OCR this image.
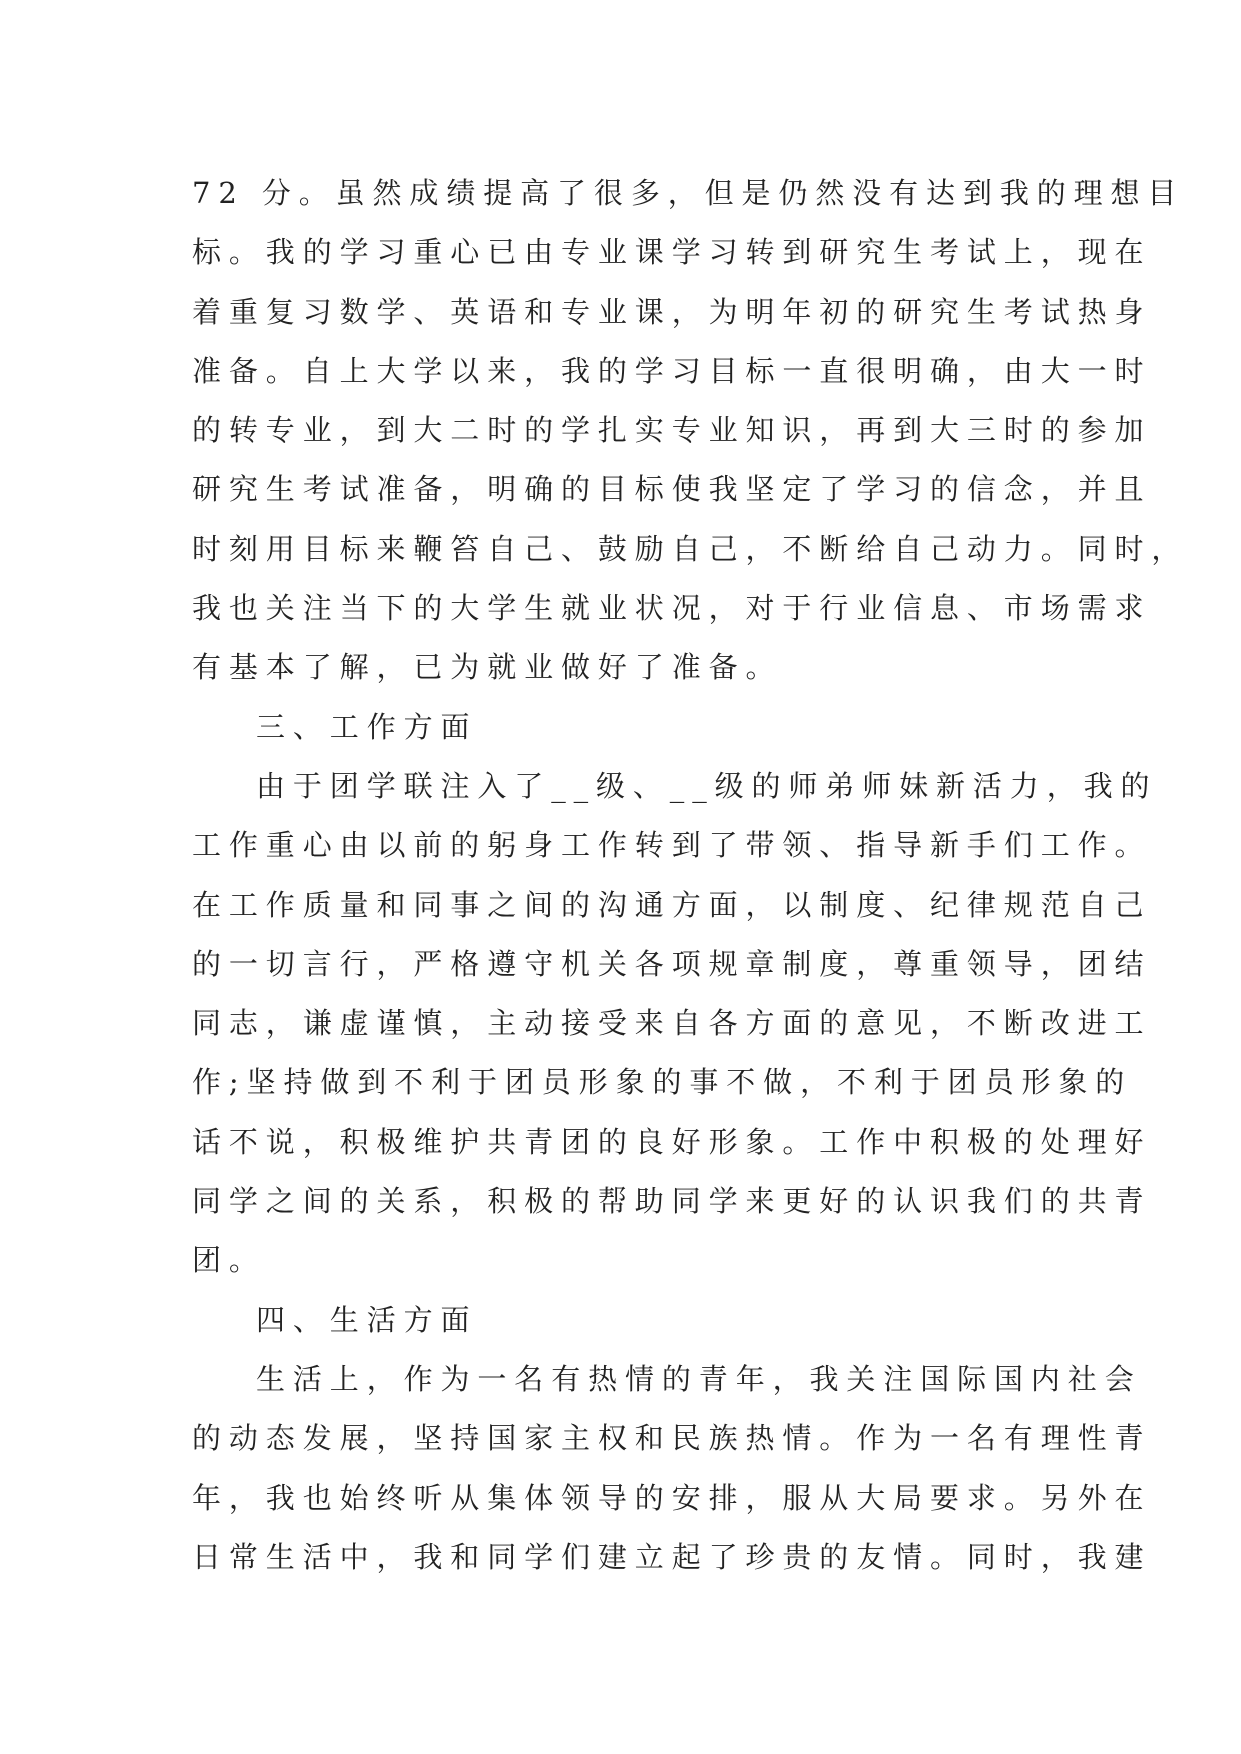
72 分。虽然成绩提高了很多，但是仍然没有达到我的理想目
标。我的学习重心已由专业课学习转到研究生考试上，现在
着重复习数学、英语和专业课，为明年初的研究生考试热身
准备。自上大学以来，我的学习目标一直很明确，由大一时
的转专业，到大二时的学扎实专业知识，再到大三时的参加
研究生考试准备，明确的目标使我坚定了学习的信念，并且
时刻用目标来鞭笞自己、鼓励自己，不断给自己动力。同时，
我也关注当下的大学生就业状况，对于行业信息、市场需求
有基本了解，已为就业做好了准备。
三、工作方面
由于团学联注入了__级、__级的师弟师妹新活力，我的
工作重心由以前的躬身工作转到了带领、指导新手们工作。
在工作质量和同事之间的沟通方面，以制度、纪律规范自己
的一切言行，严格遵守机关各项规章制度，尊重领导，团结
同志，谦虚谨慎，主动接受来自各方面的意见，不断改进工
作;坚持做到不利于团员形象的事不做，不利于团员形象的
话不说，积极维护共青团的良好形象。工作中积极的处理好
同学之间的关系，积极的帮助同学来更好的认识我们的共青
团。
四、生活方面
生活上，作为一名有热情的青年，我关注国际国内社会
的动态发展，坚持国家主权和民族热情。作为一名有理性青
年，我也始终听从集体领导的安排，服从大局要求。另外在
日常生活中，我和同学们建立起了珍贵的友情。同时，我建
